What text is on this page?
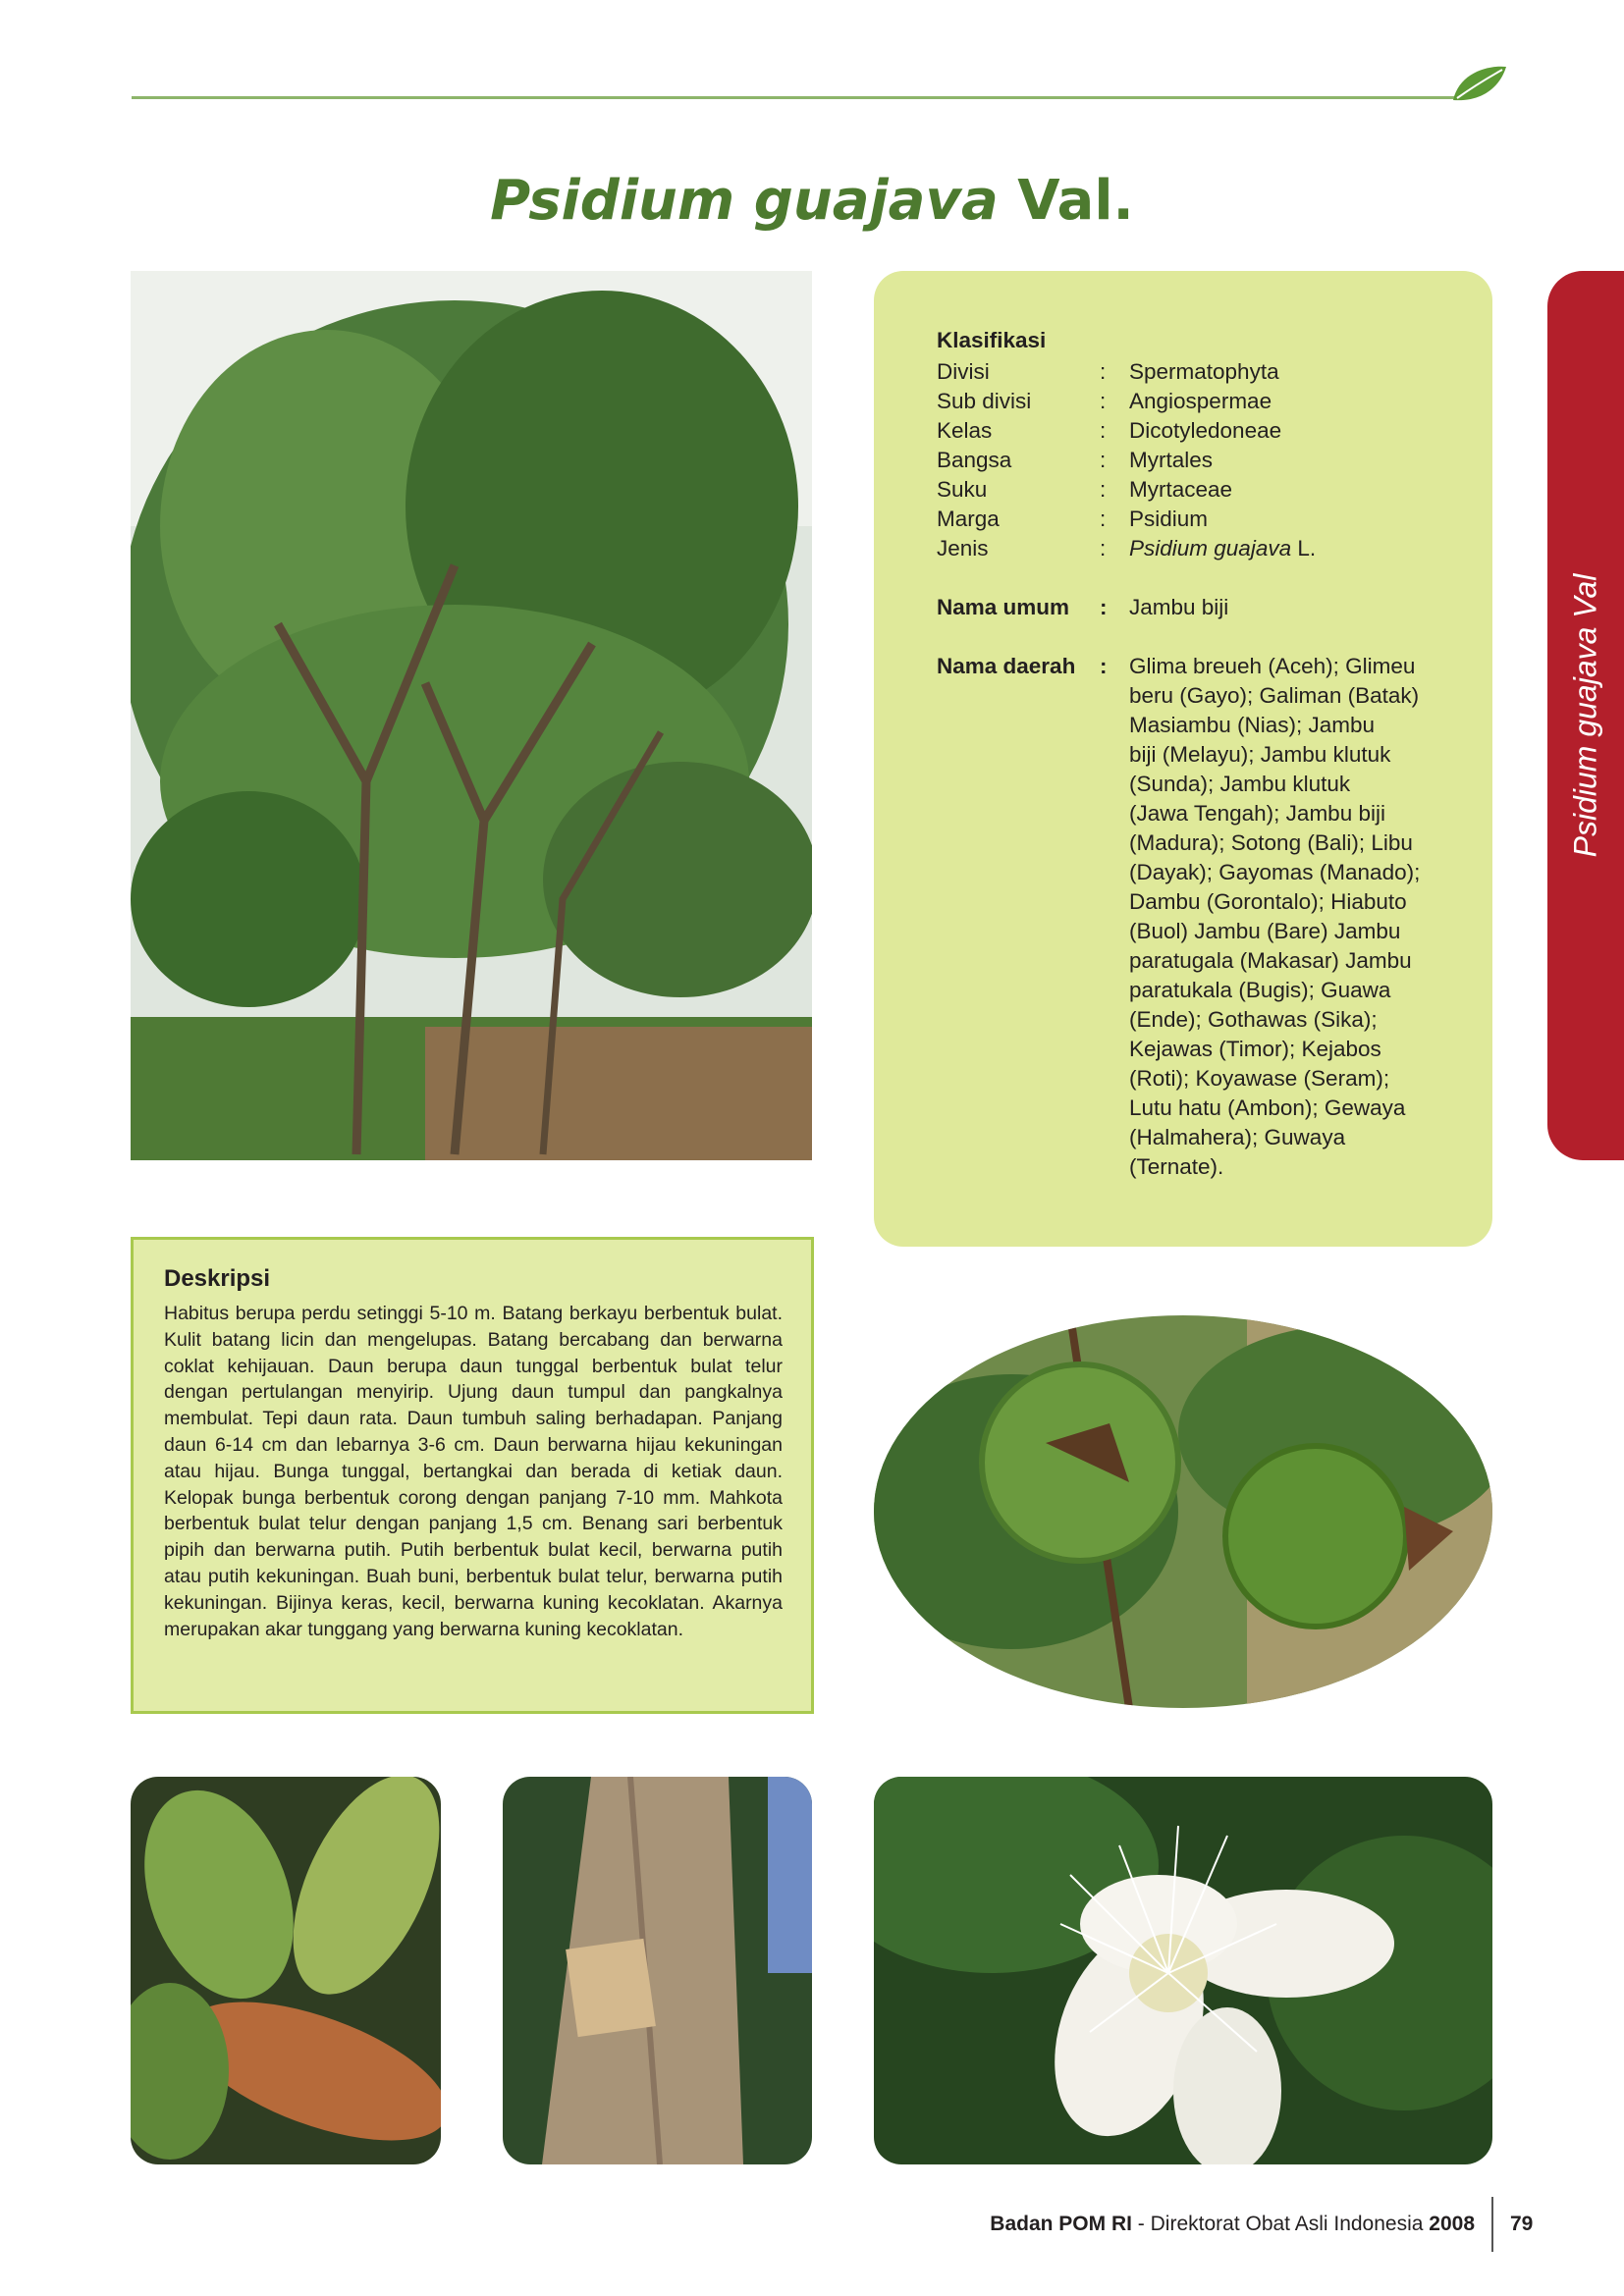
Psidium guajava Val.
Psidium guajava Val
Klasifikasi
Divisi	:	Spermatophyta
Sub divisi	:	Angiospermae
Kelas	:	Dicotyledoneae
Bangsa	:	Myrtales
Suku	:	Myrtaceae
Marga	:	Psidium
Jenis	:	Psidium guajava L.
Nama umum	:	Jambu biji
Nama daerah	:	Glima breueh (Aceh); Glimeu
beru (Gayo); Galiman (Batak)
Masiambu (Nias); Jambu
biji (Melayu); Jambu klutuk
(Sunda); Jambu klutuk
(Jawa Tengah); Jambu biji
(Madura); Sotong (Bali); Libu
(Dayak); Gayomas (Manado);
Dambu (Gorontalo); Hiabuto
(Buol) Jambu (Bare) Jambu
paratugala (Makasar) Jambu
paratukala (Bugis); Guawa
(Ende); Gothawas (Sika);
Kejawas (Timor); Kejabos
(Roti); Koyawase (Seram);
Lutu hatu (Ambon); Gewaya
(Halmahera); Guwaya
(Ternate).
Deskripsi
Habitus berupa perdu setinggi 5-10 m. Batang berkayu berbentuk bulat. Kulit batang licin dan mengelupas. Batang bercabang dan berwarna coklat kehijauan. Daun berupa daun tunggal berbentuk bulat telur dengan pertulangan menyirip. Ujung daun tumpul dan pangkalnya membulat. Tepi daun rata. Daun tumbuh saling berhadapan. Panjang daun 6-14 cm dan lebarnya 3-6 cm. Daun berwarna hijau kekuningan atau hijau. Bunga tunggal, bertangkai dan berada di ketiak daun. Kelopak bunga berbentuk corong dengan panjang 7-10 mm. Mahkota berbentuk bulat telur dengan panjang 1,5 cm. Benang sari berbentuk pipih dan berwarna putih. Putih berbentuk bulat kecil, berwarna putih atau putih kekuningan. Buah buni, berbentuk bulat telur, berwarna putih kekuningan. Bijinya keras, kecil, berwarna kuning kecoklatan. Akarnya merupakan akar tunggang yang berwarna kuning kecoklatan.
Badan POM RI - Direktorat Obat Asli Indonesia 2008 79
